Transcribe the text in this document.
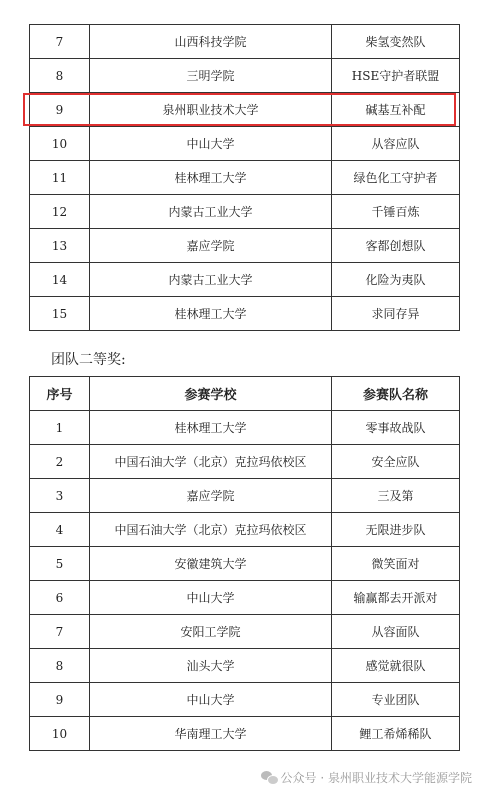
7	山西科技学院	柴氢变然队
8	三明学院	HSE守护者联盟
9	泉州职业技术大学	碱基互补配
10	中山大学	从容应队
11	桂林理工大学	绿色化工守护者
12	内蒙古工业大学	千锤百炼
13	嘉应学院	客都创想队
14	内蒙古工业大学	化险为夷队
15	桂林理工大学	求同存异
团队二等奖:
序号	参赛学校	参赛队名称
1	桂林理工大学	零事故战队
2	中国石油大学（北京）克拉玛依校区	安全应队
3	嘉应学院	三及第
4	中国石油大学（北京）克拉玛依校区	无限进步队
5	安徽建筑大学	微笑面对
6	中山大学	输赢都去开派对
7	安阳工学院	从容面队
8	汕头大学	感觉就很队
9	中山大学	专业团队
10	华南理工大学	鲤工希烯稀队
公众号 · 泉州职业技术大学能源学院
